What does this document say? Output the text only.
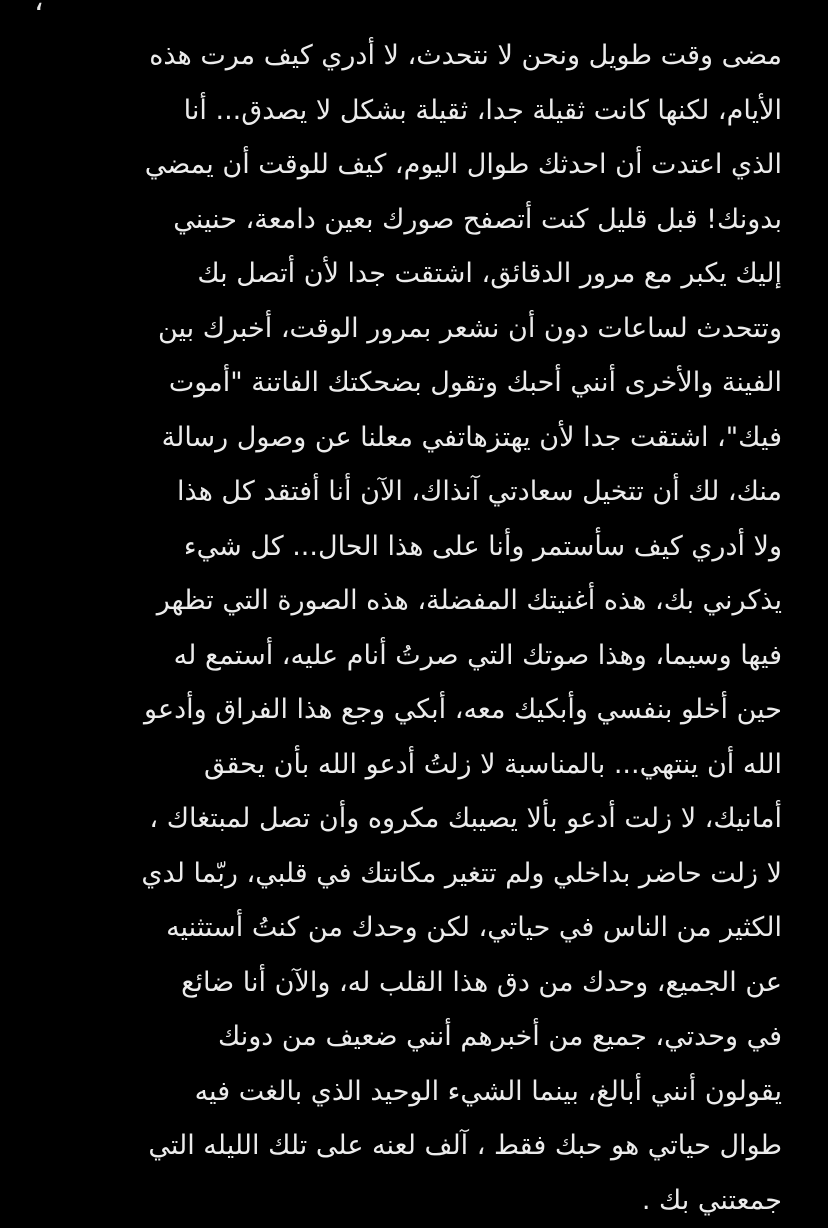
،
مضى وقت طويل ونحن لا نتحدث، لا أدري كيف مرت هذه
الأيام، لكنها كانت ثقيلة جدا، ثقيلة بشكل لا يصدق... أنا
الذي اعتدت أن احدثك طوال اليوم، كيف للوقت أن يمضي
بدونك! قبل قليل كنت أتصفح صورك بعين دامعة، حنيني
إليك يكبر مع مرور الدقائق، اشتقت جدا لأن أتصل بك
وتتحدث لساعات دون أن نشعر بمرور الوقت، أخبرك بين
الفينة والأخرى أنني أحبك وتقول بضحكتك الفاتنة "أموت
فيك"، اشتقت جدا لأن يهتزهاتفي معلنا عن وصول رسالة
منك، لك أن تتخيل سعادتي آنذاك، الآن أنا أفتقد كل هذا
ولا أدري كيف سأستمر وأنا على هذا الحال... كل شيء
يذكرني بك، هذه أغنيتك المفضلة، هذه الصورة التي تظهر
فيها وسيما، وهذا صوتك التي صرتُ أنام عليه، أستمع له
حين أخلو بنفسي وأبكيك معه، أبكي وجع هذا الفراق وأدعو
الله أن ينتهي... بالمناسبة لا زلتُ أدعو الله بأن يحقق
أمانيك، لا زلت أدعو بألا يصيبك مكروه وأن تصل لمبتغاك ،
لا زلت حاضر بداخلي ولم تتغير مكانتك في قلبي، ربّما لدي
الكثير من الناس في حياتي، لكن وحدك من كنتُ أستثنيه
عن الجميع، وحدك من دق هذا القلب له، والآن أنا ضائع
في وحدتي، جميع من أخبرهم أنني ضعيف من دونك
يقولون أنني أبالغ، بينما الشيء الوحيد الذي بالغت فيه
طوال حياتي هو حبك فقط ، آلف لعنه على تلك الليله التي
جمعتني بك .
